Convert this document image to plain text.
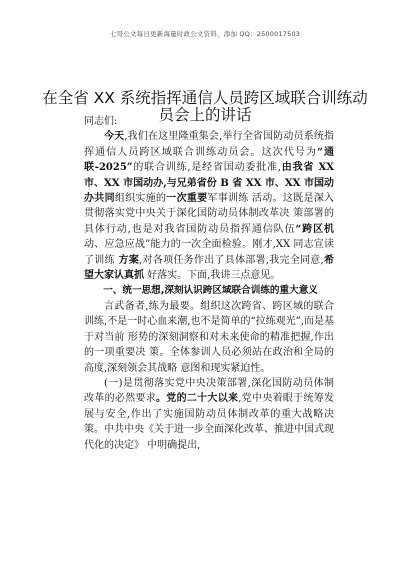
七哥公文每日更新海量时政公文资料，添加 QQ：2500017503
在全省 XX 系统指挥通信人员跨区域联合训练动员会上的讲话

同志们:

今天,我们在这里隆重集会,举行全省国防动员系统指挥通信人员跨区域联合训练动员会。这次代号为“通联-2025”的联合训练,是经省国动委批准,由我省 XX 市、XX 市国动办,与兄弟省份 B 省 XX 市、XX 市国动办共同组织实施的一次重要军事训练 活动。这既是深入贯彻落实党中央关于深化国防动员体制改革决 策部署的具体行动,也是对我省国防动员指挥通信队伍“跨区机 动、应急应战”能力的一次全面检验。刚才,XX 同志宣读了训练 方案,对各项任务作出了具体部署,我完全同意,希望大家认真抓 好落实。下面,我讲三点意见。

一、统一思想,深刻认识跨区域联合训练的重大意义

言武备者,练为最要。组织这次跨省、跨区域的联合训练,不是一时心血来潮,也不是简单的“拉练观光”,而是基于对当前 形势的深刻洞察和对未来使命的精准把握,作出的一项重要决 策。全体参训人员必须站在政治和全局的高度,深刻领会其战略 意图和现实紧迫性。

(一)是贯彻落实党中央决策部署,深化国防动员体制改革的必然要求。党的二十大以来,党中央着眼于统筹发展与安全,作出了实施国防动员体制改革的重大战略决策。中共中央《关于进一步全面深化改革、推进中国式现代化的决定》 中明确提出,
